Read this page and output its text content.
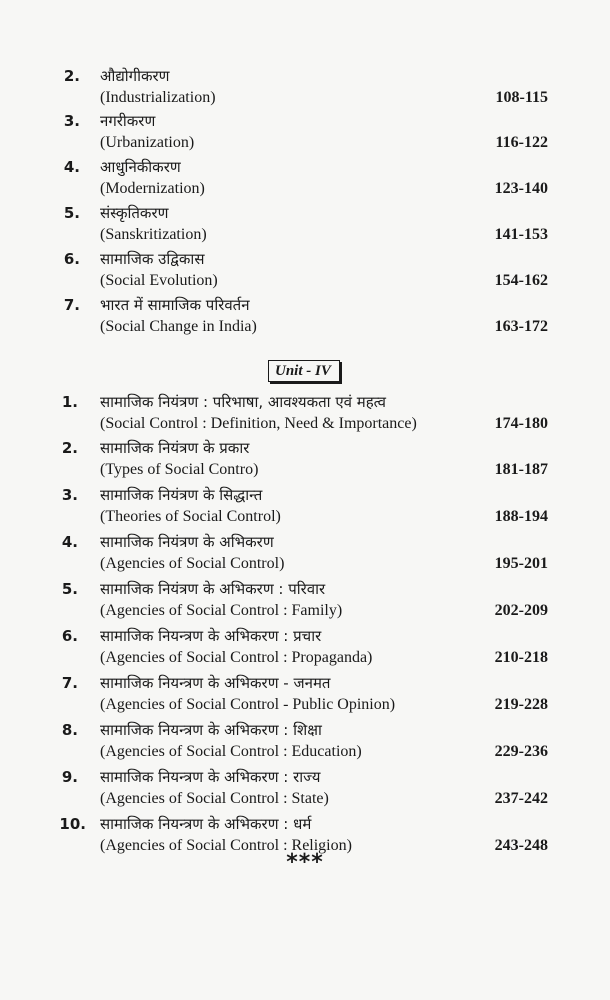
2. औद्योगीकरण
(Industrialization)	108-115
3. नगरीकरण
(Urbanization)	116-122
4. आधुनिकीकरण
(Modernization)	123-140
5. संस्कृतिकरण
(Sanskritization)	141-153
6. सामाजिक उद्विकास
(Social Evolution)	154-162
7. भारत में सामाजिक परिवर्तन
(Social Change in India)	163-172
Unit - IV
1. सामाजिक नियंत्रण : परिभाषा, आवश्यकता एवं महत्व
(Social Control : Definition, Need & Importance)	174-180
2. सामाजिक नियंत्रण के प्रकार
(Types of Social Contro)	181-187
3. सामाजिक नियंत्रण के सिद्धान्त
(Theories of Social Control)	188-194
4. सामाजिक नियंत्रण के अभिकरण
(Agencies of Social Control)	195-201
5. सामाजिक नियंत्रण के अभिकरण : परिवार
(Agencies of Social Control : Family)	202-209
6. सामाजिक नियन्त्रण के अभिकरण : प्रचार
(Agencies of Social Control : Propaganda)	210-218
7. सामाजिक नियन्त्रण के अभिकरण - जनमत
(Agencies of Social Control - Public Opinion)	219-228
8. सामाजिक नियन्त्रण के अभिकरण : शिक्षा
(Agencies of Social Control : Education)	229-236
9. सामाजिक नियन्त्रण के अभिकरण : राज्य
(Agencies of Social Control : State)	237-242
10. सामाजिक नियन्त्रण के अभिकरण : धर्म
(Agencies of Social Control : Religion)	243-248
***
